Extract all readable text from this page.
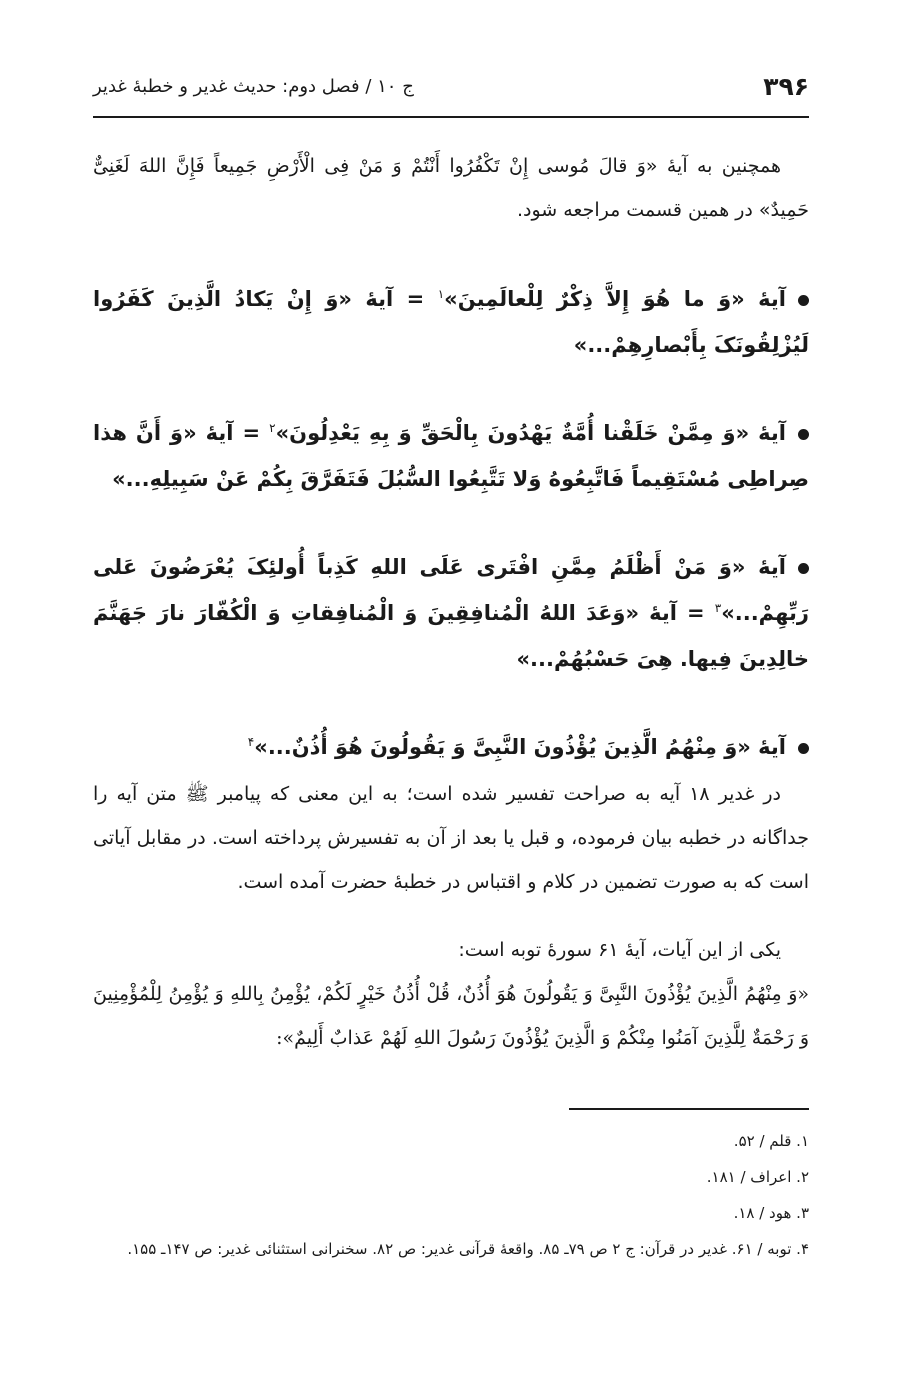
۳۹۶
ج ۱۰ / فصل دوم: حدیث غدیر و خطبهٔ غدیر
همچنین به آیهٔ «وَ قالَ مُوسی إِنْ تَکْفُرُوا أَنْتُمْ وَ مَنْ فِی الْأَرْضِ جَمِیعاً فَإِنَّ اللهَ لَغَنِیٌّ حَمِیدٌ» در همین قسمت مراجعه شود.
آیهٔ «وَ ما هُوَ إِلاَّ ذِکْرٌ لِلْعالَمِینَ»$^۱$ = آیهٔ «وَ إِنْ یَکادُ الَّذِینَ کَفَرُوا لَیُزْلِقُونَکَ بِأَبْصارِهِمْ...»
آیهٔ «وَ مِمَّنْ خَلَقْنا أُمَّةٌ یَهْدُونَ بِالْحَقِّ وَ بِهِ یَعْدِلُونَ»$^۲$ = آیهٔ «وَ أَنَّ هذا صِراطِی مُسْتَقِیماً فَاتَّبِعُوهُ وَلا تَتَّبِعُوا السُّبُلَ فَتَفَرَّقَ بِکُمْ عَنْ سَبِیلِهِ...»
آیهٔ «وَ مَنْ أَظْلَمُ مِمَّنِ افْتَری عَلَی اللهِ کَذِباً أُولئِکَ یُعْرَضُونَ عَلی رَبِّهِمْ...»$^۳$ = آیهٔ «وَعَدَ اللهُ الْمُنافِقِینَ وَ الْمُنافِقاتِ وَ الْکُفّارَ نارَ جَهَنَّمَ خالِدِینَ فِیها. هِیَ حَسْبُهُمْ...»
آیهٔ «وَ مِنْهُمُ الَّذِینَ یُؤْذُونَ النَّبِیَّ وَ یَقُولُونَ هُوَ أُذُنٌ...»$^۴$
در غدیر ۱۸ آیه به صراحت تفسیر شده است؛ به این معنی که پیامبر ﷺ متن آیه را جداگانه در خطبه بیان فرموده، و قبل یا بعد از آن به تفسیرش پرداخته است. در مقابل آیاتی است که به صورت تضمین در کلام و اقتباس در خطبهٔ حضرت آمده است.
یکی از این آیات، آیهٔ ۶۱ سورهٔ توبه است:
«وَ مِنْهُمُ الَّذِینَ یُؤْذُونَ النَّبِیَّ وَ یَقُولُونَ هُوَ أُذُنٌ، قُلْ أُذُنُ خَیْرٍ لَکُمْ، یُؤْمِنُ بِاللهِ وَ یُؤْمِنُ لِلْمُؤْمِنِینَ وَ رَحْمَةٌ لِلَّذِینَ آمَنُوا مِنْکُمْ وَ الَّذِینَ یُؤْذُونَ رَسُولَ اللهِ لَهُمْ عَذابٌ أَلِیمٌ»:
۱. قلم / ۵۲.
۲. اعراف / ۱۸۱.
۳. هود / ۱۸.
۴. توبه / ۶۱. غدیر در قرآن: ج ۲ ص ۷۹ـ ۸۵. واقعهٔ قرآنی غدیر: ص ۸۲. سخنرانی استثنائی غدیر: ص ۱۴۷ـ ۱۵۵.
